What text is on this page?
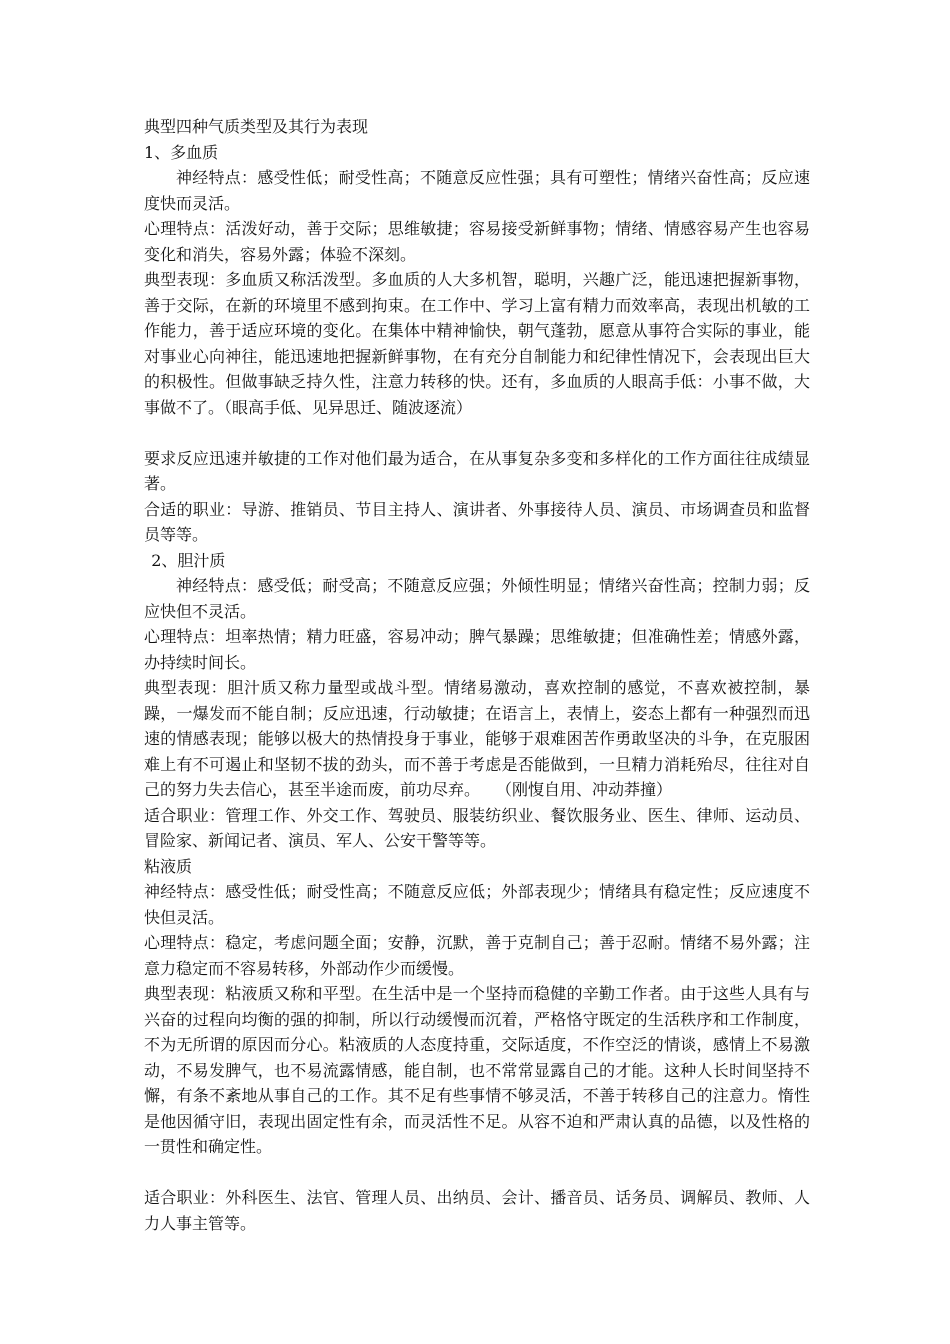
典型四种气质类型及其行为表现

1、多血质

神经特点：感受性低；耐受性高；不随意反应性强；具有可塑性；情绪兴奋性高；反应速度快而灵活。

心理特点：活泼好动，善于交际；思维敏捷；容易接受新鲜事物；情绪、情感容易产生也容易变化和消失，容易外露；体验不深刻。

典型表现：多血质又称活泼型。多血质的人大多机智，聪明，兴趣广泛，能迅速把握新事物，善于交际，在新的环境里不感到拘束。在工作中、学习上富有精力而效率高，表现出机敏的工作能力，善于适应环境的变化。在集体中精神愉快，朝气蓬勃，愿意从事符合实际的事业，能对事业心向神往，能迅速地把握新鲜事物，在有充分自制能力和纪律性情况下，会表现出巨大的积极性。但做事缺乏持久性，注意力转移的快。还有，多血质的人眼高手低：小事不做，大事做不了。（眼高手低、见异思迁、随波逐流）

要求反应迅速并敏捷的工作对他们最为适合，在从事复杂多变和多样化的工作方面往往成绩显著。

合适的职业：导游、推销员、节目主持人、演讲者、外事接待人员、演员、市场调查员和监督员等等。

2、胆汁质

神经特点：感受低；耐受高；不随意反应强；外倾性明显；情绪兴奋性高；控制力弱；反应快但不灵活。

心理特点：坦率热情；精力旺盛，容易冲动；脾气暴躁；思维敏捷；但准确性差；情感外露，办持续时间长。

典型表现：胆汁质又称力量型或战斗型。情绪易激动，喜欢控制的感觉，不喜欢被控制，暴躁，一爆发而不能自制；反应迅速，行动敏捷；在语言上，表情上，姿态上都有一种强烈而迅速的情感表现；能够以极大的热情投身于事业，能够于艰难困苦作勇敢坚决的斗争，在克服困难上有不可遏止和坚韧不拔的劲头，而不善于考虑是否能做到，一旦精力消耗殆尽，往往对自己的努力失去信心，甚至半途而废，前功尽弃。　　（刚愎自用、冲动莽撞）

适合职业：管理工作、外交工作、驾驶员、服装纺织业、餐饮服务业、医生、律师、运动员、冒险家、新闻记者、演员、军人、公安干警等等。

粘液质

神经特点：感受性低；耐受性高；不随意反应低；外部表现少；情绪具有稳定性；反应速度不快但灵活。

心理特点：稳定，考虑问题全面；安静，沉默，善于克制自己；善于忍耐。情绪不易外露；注意力稳定而不容易转移，外部动作少而缓慢。

典型表现：粘液质又称和平型。在生活中是一个坚持而稳健的辛勤工作者。由于这些人具有与兴奋的过程向均衡的强的抑制，所以行动缓慢而沉着，严格恪守既定的生活秩序和工作制度，不为无所谓的原因而分心。粘液质的人态度持重，交际适度，不作空泛的情谈，感情上不易激动，不易发脾气，也不易流露情感，能自制，也不常常显露自己的才能。这种人长时间坚持不懈，有条不紊地从事自己的工作。其不足有些事情不够灵活，不善于转移自己的注意力。惰性是他因循守旧，表现出固定性有余，而灵活性不足。从容不迫和严肃认真的品德，以及性格的一贯性和确定性。

适合职业：外科医生、法官、管理人员、出纳员、会计、播音员、话务员、调解员、教师、人力人事主管等。
